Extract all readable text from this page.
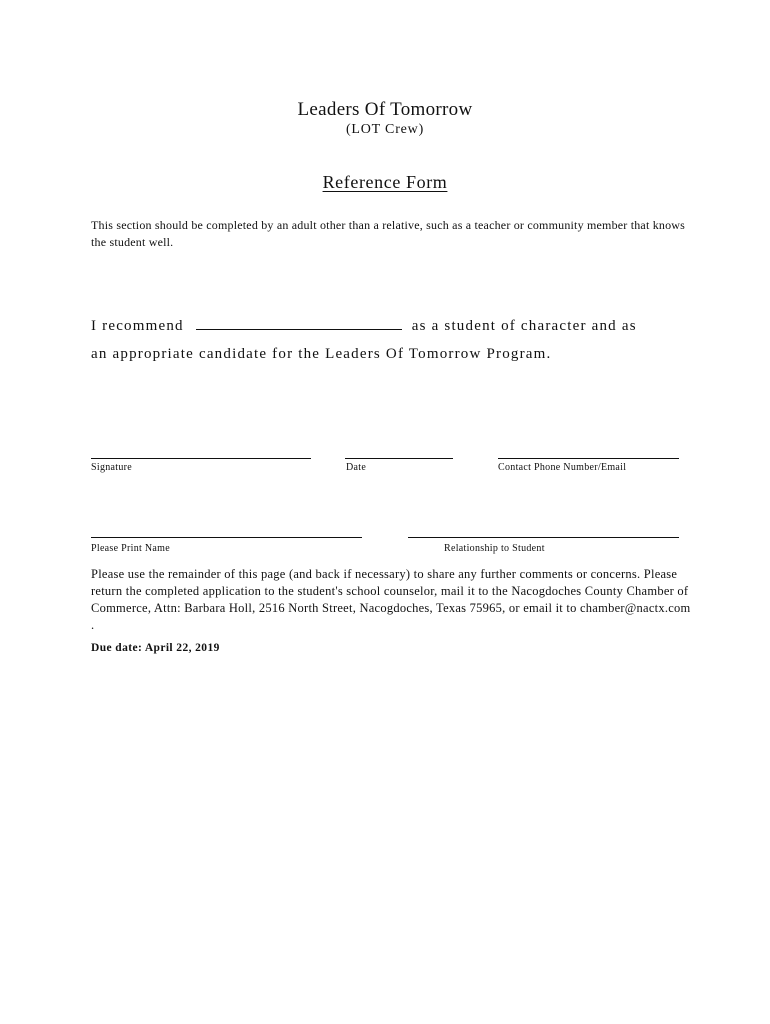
Leaders Of Tomorrow
(LOT Crew)
Reference Form
This section should be completed by an adult other than a relative, such as a teacher or community member that knows the student well.
I recommend	as a student of character and as
an appropriate candidate for the Leaders Of Tomorrow Program.
Signature	Date	Contact Phone Number/Email
Please Print Name	Relationship to Student
Please use the remainder of this page (and back if necessary) to share any further comments or concerns. Please return the completed application to the student's school counselor, mail it to the Nacogdoches County Chamber of Commerce, Attn: Barbara Holl, 2516 North Street, Nacogdoches, Texas 75965, or email it to chamber@nactx.com .
Due date: April 22, 2019
